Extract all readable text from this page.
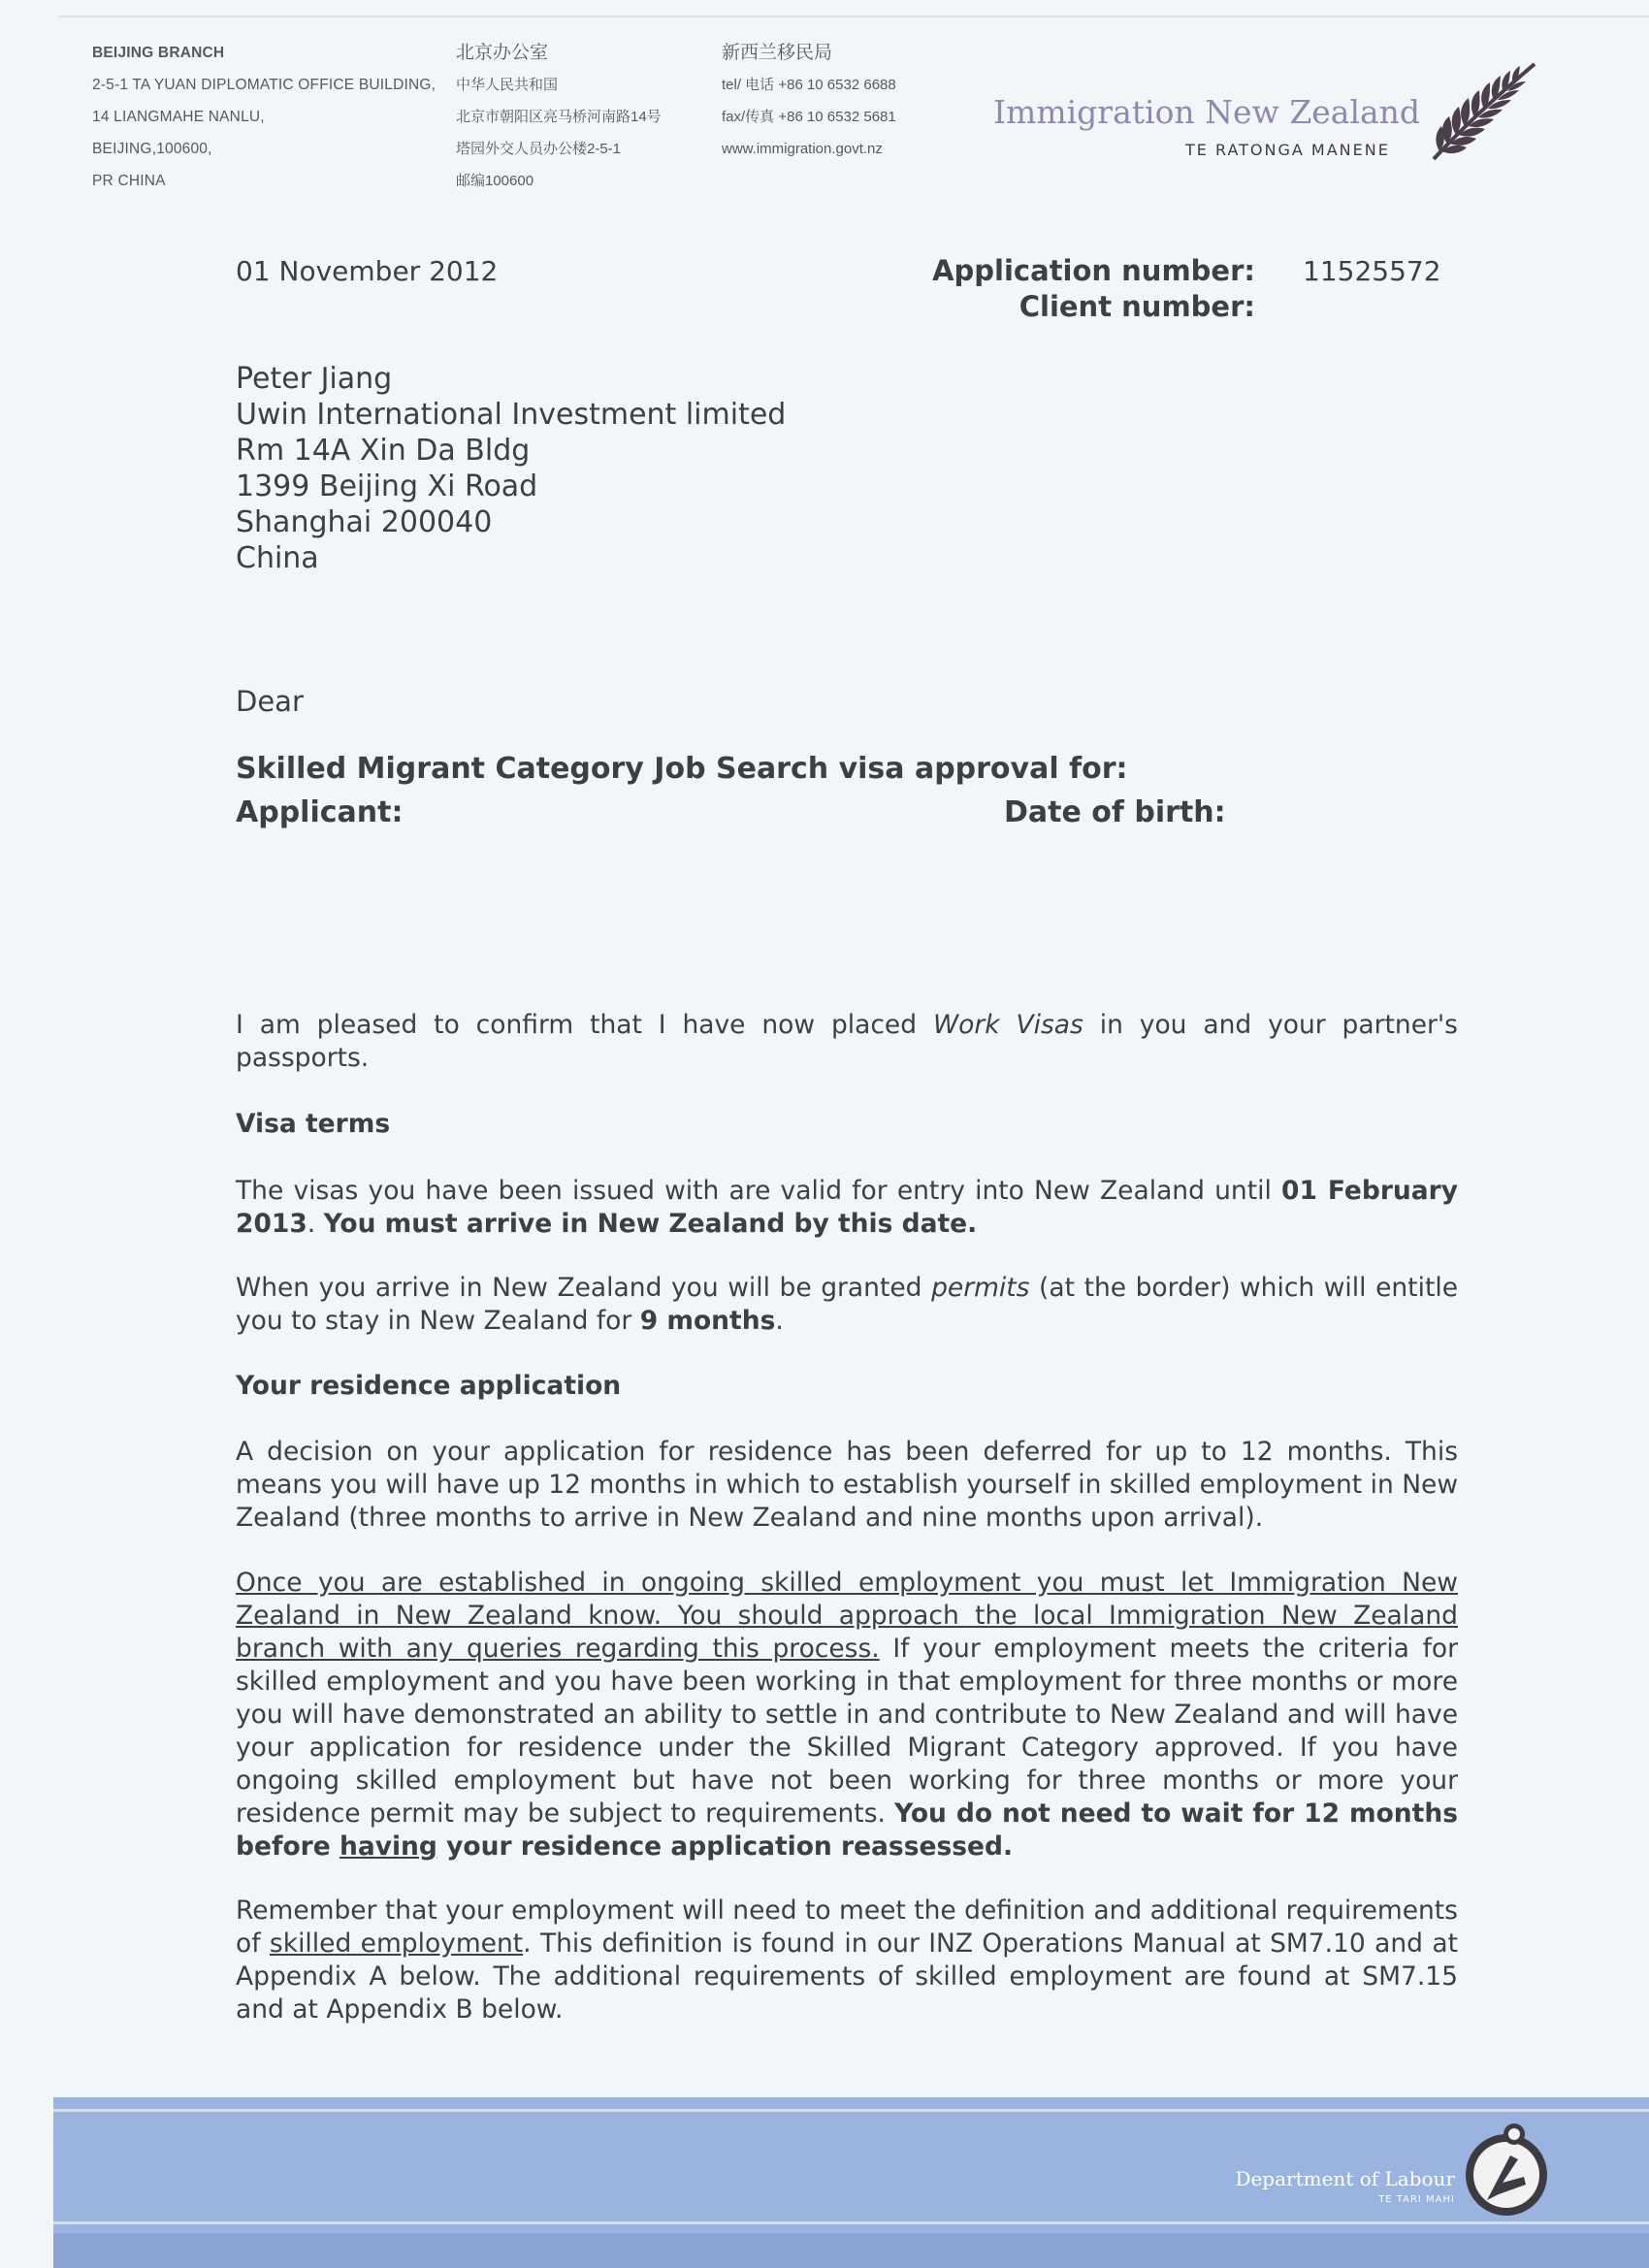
BEIJING BRANCH
2-5-1 TA YUAN DIPLOMATIC OFFICE BUILDING,
14 LIANGMAHE NANLU,
BEIJING,100600,
PR CHINA
北京办公室
中华人民共和国
北京市朝阳区亮马桥河南路14号
塔园外交人员办公楼2-5-1
邮编100600
新西兰移民局
tel/ 电话 +86 10 6532 6688
fax/传真 +86 10 6532 5681
www.immigration.govt.nz
Immigration New Zealand
TE RATONGA MANENE
01 November 2012	Application number: 11525572
Client number:
Peter Jiang
Uwin International Investment limited
Rm 14A Xin Da Bldg
1399 Beijing Xi Road
Shanghai 200040
China
Dear
Skilled Migrant Category Job Search visa approval for:
Applicant:	Date of birth:

I am pleased to confirm that I have now placed Work Visas in you and your partner's passports.

Visa terms

The visas you have been issued with are valid for entry into New Zealand until 01 February 2013. You must arrive in New Zealand by this date.

When you arrive in New Zealand you will be granted permits (at the border) which will entitle you to stay in New Zealand for 9 months.

Your residence application

A decision on your application for residence has been deferred for up to 12 months. This means you will have up 12 months in which to establish yourself in skilled employment in New Zealand (three months to arrive in New Zealand and nine months upon arrival).

Once you are established in ongoing skilled employment you must let Immigration New Zealand in New Zealand know. You should approach the local Immigration New Zealand branch with any queries regarding this process. If your employment meets the criteria for skilled employment and you have been working in that employment for three months or more you will have demonstrated an ability to settle in and contribute to New Zealand and will have your application for residence under the Skilled Migrant Category approved. If you have ongoing skilled employment but have not been working for three months or more your residence permit may be subject to requirements. You do not need to wait for 12 months before having your residence application reassessed.

Remember that your employment will need to meet the definition and additional requirements of skilled employment. This definition is found in our INZ Operations Manual at SM7.10 and at Appendix A below. The additional requirements of skilled employment are found at SM7.15 and at Appendix B below.

Department of Labour
TE TARI MAHI
